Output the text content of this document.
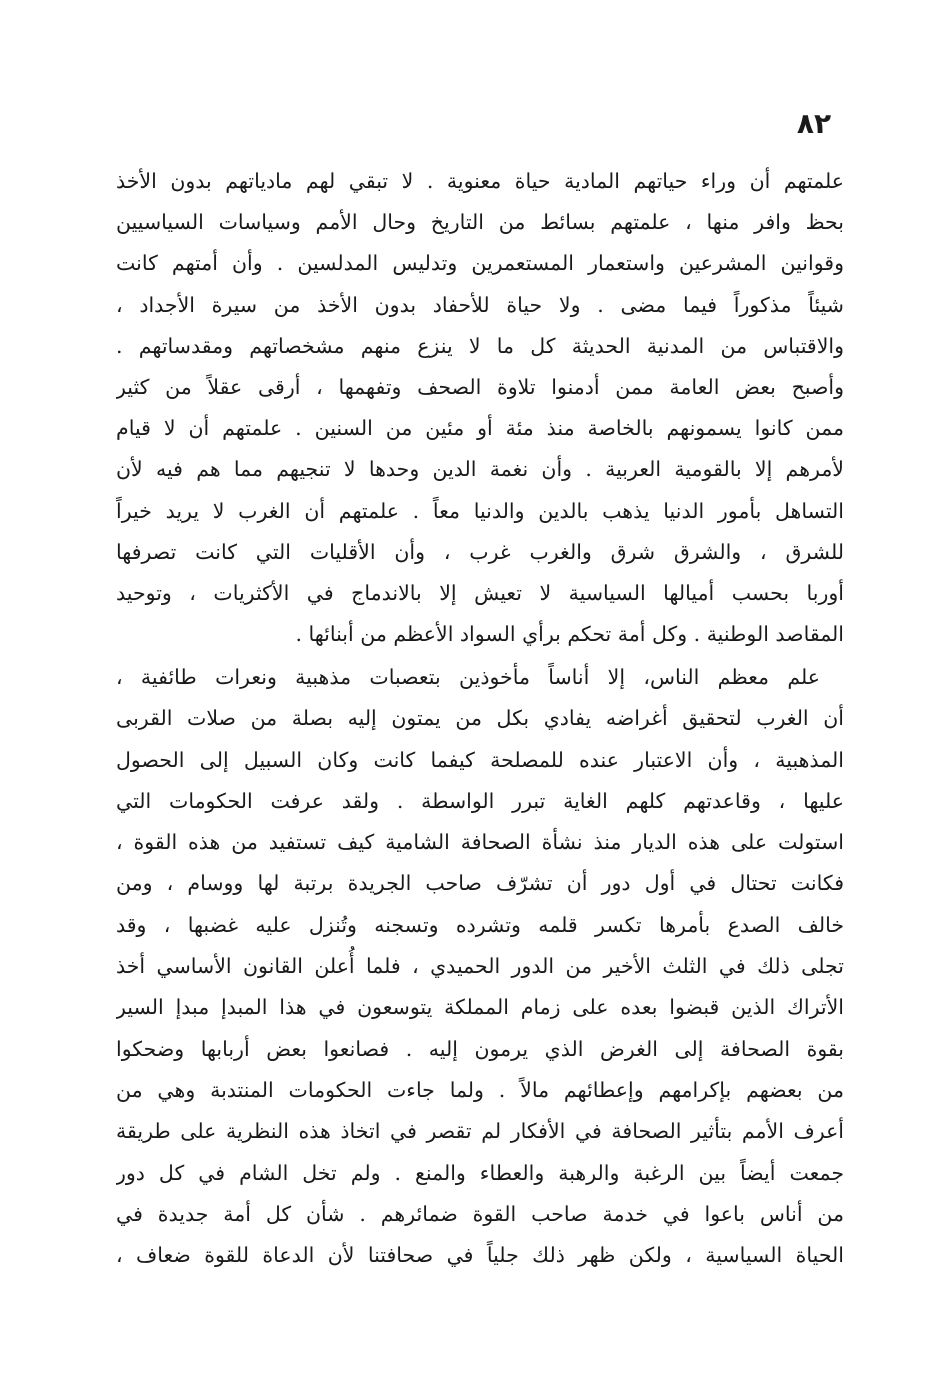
٨٢
علمتهم أن وراء حياتهم المادية حياة معنوية . لا تبقي لهم مادياتهم بدون الأخذ
بحظ وافر منها ، علمتهم بسائط من التاريخ وحال الأمم وسياسات السياسيين
وقوانين المشرعين واستعمار المستعمرين وتدليس المدلسين . وأن أمتهم كانت
شيئاً مذكوراً فيما مضى . ولا حياة للأحفاد بدون الأخذ من سيرة الأجداد ،
والاقتباس من المدنية الحديثة كل ما لا ينزع منهم مشخصاتهم ومقدساتهم .
وأصبح بعض العامة ممن أدمنوا تلاوة الصحف وتفهمها ، أرقى عقلاً من كثير
ممن كانوا يسمونهم بالخاصة منذ مئة أو مئين من السنين . علمتهم أن لا قيام
لأمرهم إلا بالقومية العربية . وأن نغمة الدين وحدها لا تنجيهم مما هم فيه لأن
التساهل بأمور الدنيا يذهب بالدين والدنيا معاً . علمتهم أن الغرب لا يريد خيراً
للشرق ، والشرق شرق والغرب غرب ، وأن الأقليات التي كانت تصرفها
أوربا بحسب أميالها السياسية لا تعيش إلا بالاندماج في الأكثريات ، وتوحيد
المقاصد الوطنية . وكل أمة تحكم برأي السواد الأعظم من أبنائها .
علم معظم الناس، إلا أناساً مأخوذين بتعصبات مذهبية ونعرات طائفية ،
أن الغرب لتحقيق أغراضه يفادي بكل من يمتون إليه بصلة من صلات القربى
المذهبية ، وأن الاعتبار عنده للمصلحة كيفما كانت وكان السبيل إلى الحصول
عليها ، وقاعدتهم كلهم الغاية تبرر الواسطة . ولقد عرفت الحكومات التي
استولت على هذه الديار منذ نشأة الصحافة الشامية كيف تستفيد من هذه القوة ،
فكانت تحتال في أول دور أن تشرّف صاحب الجريدة برتبة لها ووسام ، ومن
خالف الصدع بأمرها تكسر قلمه وتشرده وتسجنه وتُنزل عليه غضبها ، وقد
تجلى ذلك في الثلث الأخير من الدور الحميدي ، فلما أُعلن القانون الأساسي أخذ
الأتراك الذين قبضوا بعده على زمام المملكة يتوسعون في هذا المبدإ مبدإ السير
بقوة الصحافة إلى الغرض الذي يرمون إليه . فصانعوا بعض أربابها وضحكوا
من بعضهم بإكرامهم وإعطائهم مالاً . ولما جاءت الحكومات المنتدبة وهي من
أعرف الأمم بتأثير الصحافة في الأفكار لم تقصر في اتخاذ هذه النظرية على طريقة
جمعت أيضاً بين الرغبة والرهبة والعطاء والمنع . ولم تخل الشام في كل دور
من أناس باعوا في خدمة صاحب القوة ضمائرهم . شأن كل أمة جديدة في
الحياة السياسية ، ولكن ظهر ذلك جلياً في صحافتنا لأن الدعاة للقوة ضعاف ،
